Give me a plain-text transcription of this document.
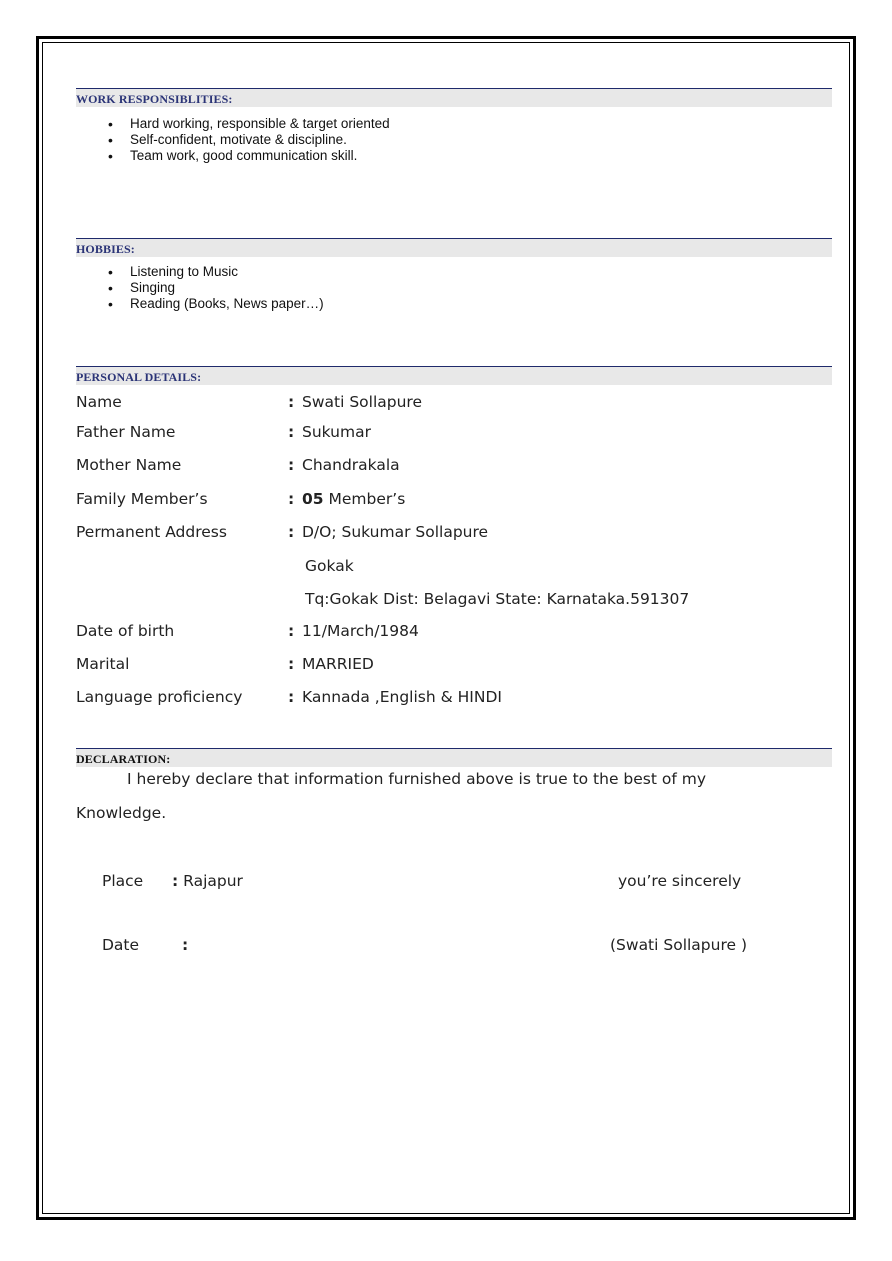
WORK RESPONSIBLITIES:
• Hard working, responsible & target oriented
• Self-confident, motivate & discipline.
• Team work, good communication skill.
HOBBIES:
• Listening to Music
• Singing
• Reading (Books, News paper…)
PERSONAL DETAILS:
Name	: Swati Sollapure
Father Name	: Sukumar
Mother Name	: Chandrakala
Family Member’s	: 05 Member’s
Permanent Address	: D/O; Sukumar Sollapure
Gokak
Tq:Gokak Dist: Belagavi State: Karnataka.591307
Date of birth	: 11/March/1984
Marital	: MARRIED
Language proficiency	: Kannada ,English & HINDI
DECLARATION:
I hereby declare that information furnished above is true to the best of my
Knowledge.
Place : Rajapur	you’re sincerely
Date	:	(Swati Sollapure )
